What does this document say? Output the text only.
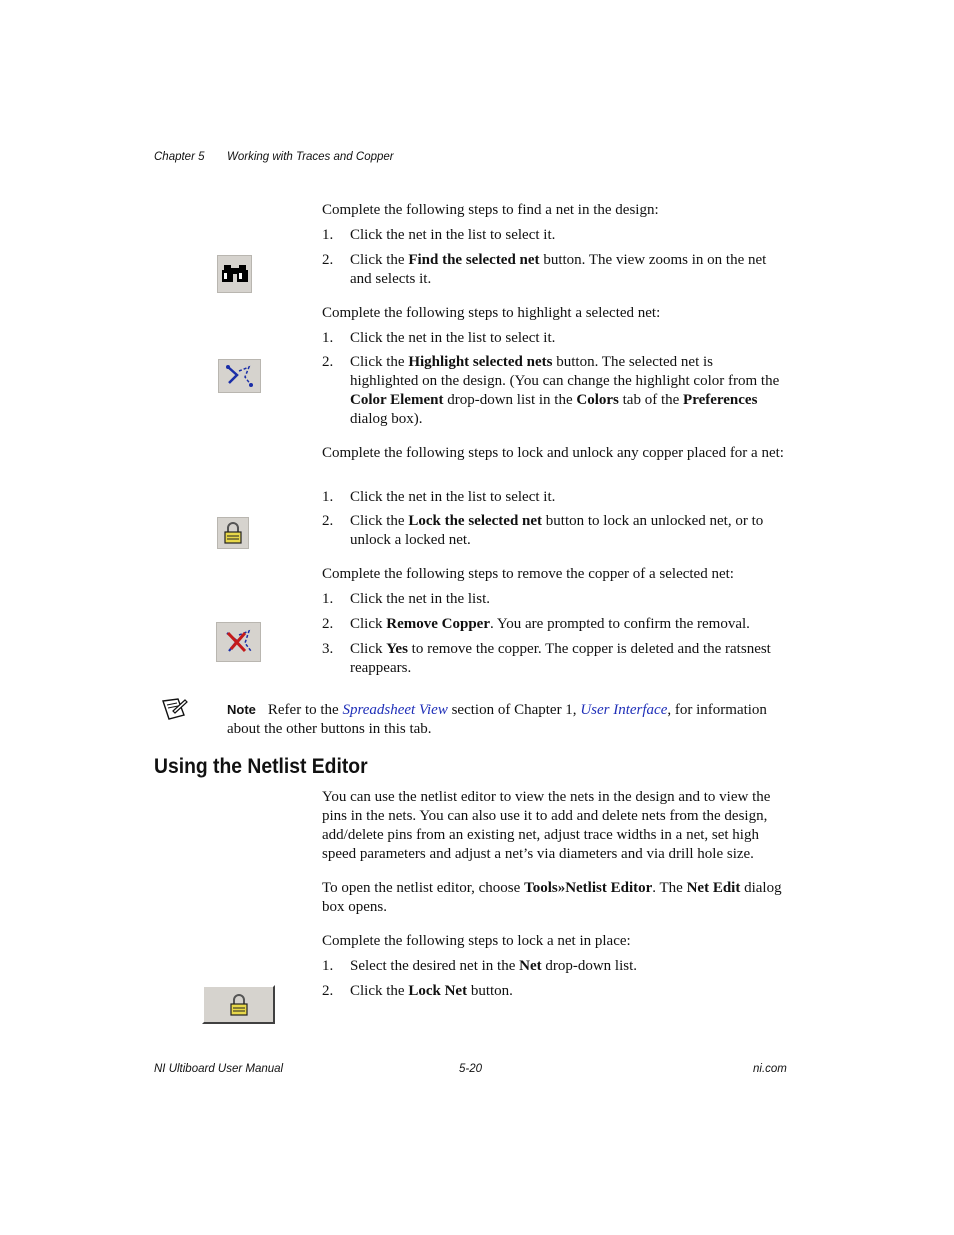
Chapter 5 Working with Traces and Copper
Complete the following steps to find a net in the design:
1. Click the net in the list to select it.
2. Click the Find the selected net button. The view zooms in on the net and selects it.
Complete the following steps to highlight a selected net:
1. Click the net in the list to select it.
2. Click the Highlight selected nets button. The selected net is highlighted on the design. (You can change the highlight color from the Color Element drop-down list in the Colors tab of the Preferences dialog box).
Complete the following steps to lock and unlock any copper placed for a net:
1. Click the net in the list to select it.
2. Click the Lock the selected net button to lock an unlocked net, or to unlock a locked net.
Complete the following steps to remove the copper of a selected net:
1. Click the net in the list.
2. Click Remove Copper. You are prompted to confirm the removal.
3. Click Yes to remove the copper. The copper is deleted and the ratsnest reappears.
Note Refer to the Spreadsheet View section of Chapter 1, User Interface, for information about the other buttons in this tab.
Using the Netlist Editor
You can use the netlist editor to view the nets in the design and to view the pins in the nets. You can also use it to add and delete nets from the design, add/delete pins from an existing net, adjust trace widths in a net, set high speed parameters and adjust a net’s via diameters and via drill hole size.
To open the netlist editor, choose Tools»Netlist Editor. The Net Edit dialog box opens.
Complete the following steps to lock a net in place:
1. Select the desired net in the Net drop-down list.
2. Click the Lock Net button.
NI Ultiboard User Manual	5-20	ni.com
